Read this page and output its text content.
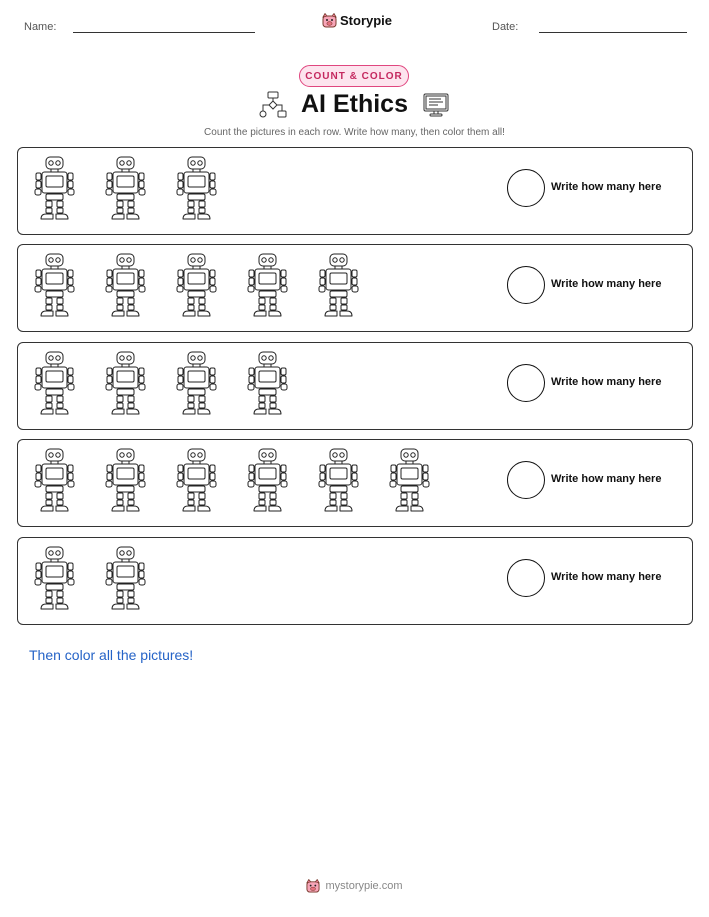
Name:	Storypie	Date:
COUNT & COLOR
AI Ethics
Count the pictures in each row. Write how many, then color them all!
Write how many here
Write how many here
Write how many here
Write how many here
Write how many here
Then color all the pictures!
mystorypie.com
